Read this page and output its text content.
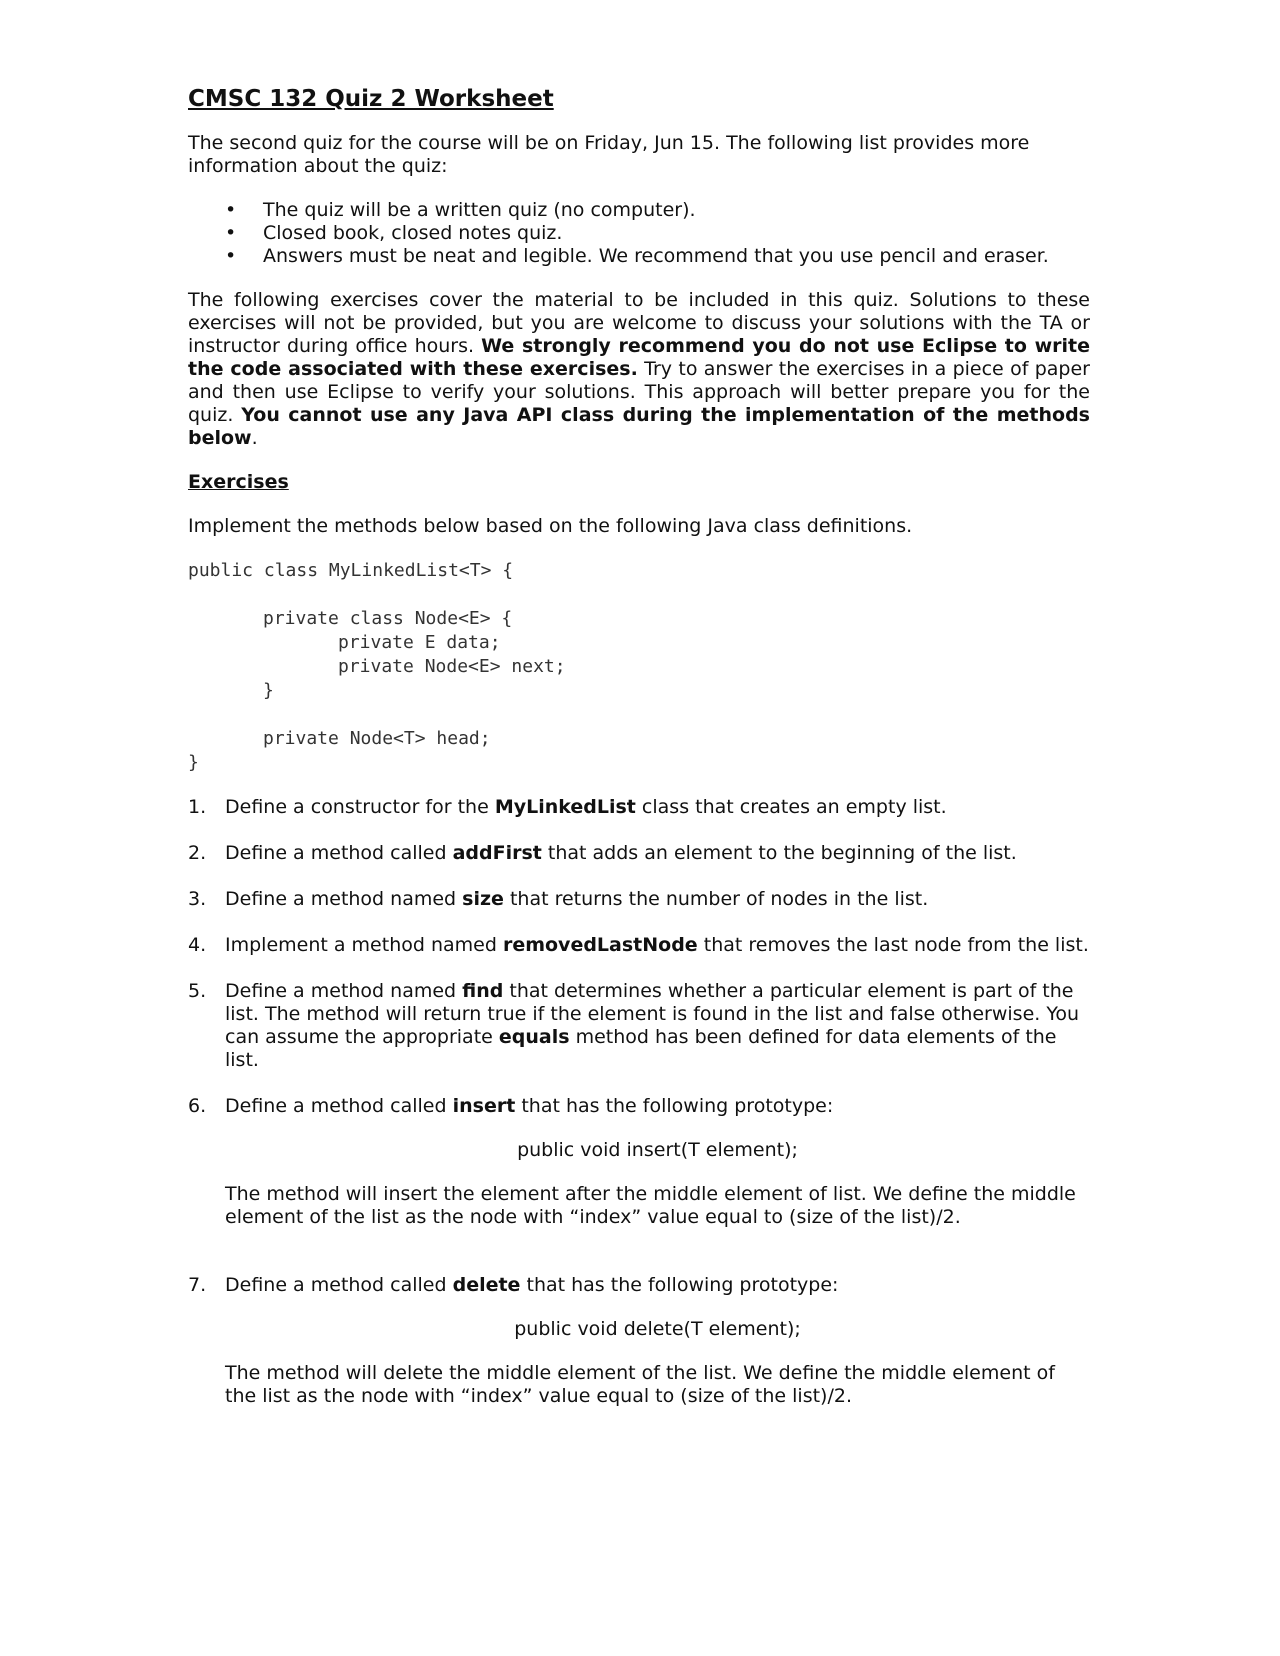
CMSC 132 Quiz 2 Worksheet

The second quiz for the course will be on Friday, Jun 15. The following list provides more information about the quiz:

• The quiz will be a written quiz (no computer).
• Closed book, closed notes quiz.
• Answers must be neat and legible. We recommend that you use pencil and eraser.

The following exercises cover the material to be included in this quiz. Solutions to these exercises will not be provided, but you are welcome to discuss your solutions with the TA or instructor during office hours. We strongly recommend you do not use Eclipse to write the code associated with these exercises. Try to answer the exercises in a piece of paper and then use Eclipse to verify your solutions. This approach will better prepare you for the quiz. You cannot use any Java API class during the implementation of the methods below.

Exercises

Implement the methods below based on the following Java class definitions.

public class MyLinkedList<T> {
private class Node<E> {
private E data;
private Node<E> next;
}
private Node<T> head;
}
1. Define a constructor for the MyLinkedList class that creates an empty list.
2. Define a method called addFirst that adds an element to the beginning of the list.
3. Define a method named size that returns the number of nodes in the list.
4. Implement a method named removedLastNode that removes the last node from the list.
5. Define a method named find that determines whether a particular element is part of the list. The method will return true if the element is found in the list and false otherwise. You can assume the appropriate equals method has been defined for data elements of the list.
6. Define a method called insert that has the following prototype:

public void insert(T element);

The method will insert the element after the middle element of list. We define the middle element of the list as the node with “index” value equal to (size of the list)/2.

7. Define a method called delete that has the following prototype:

public void delete(T element);

The method will delete the middle element of the list. We define the middle element of the list as the node with “index” value equal to (size of the list)/2.
